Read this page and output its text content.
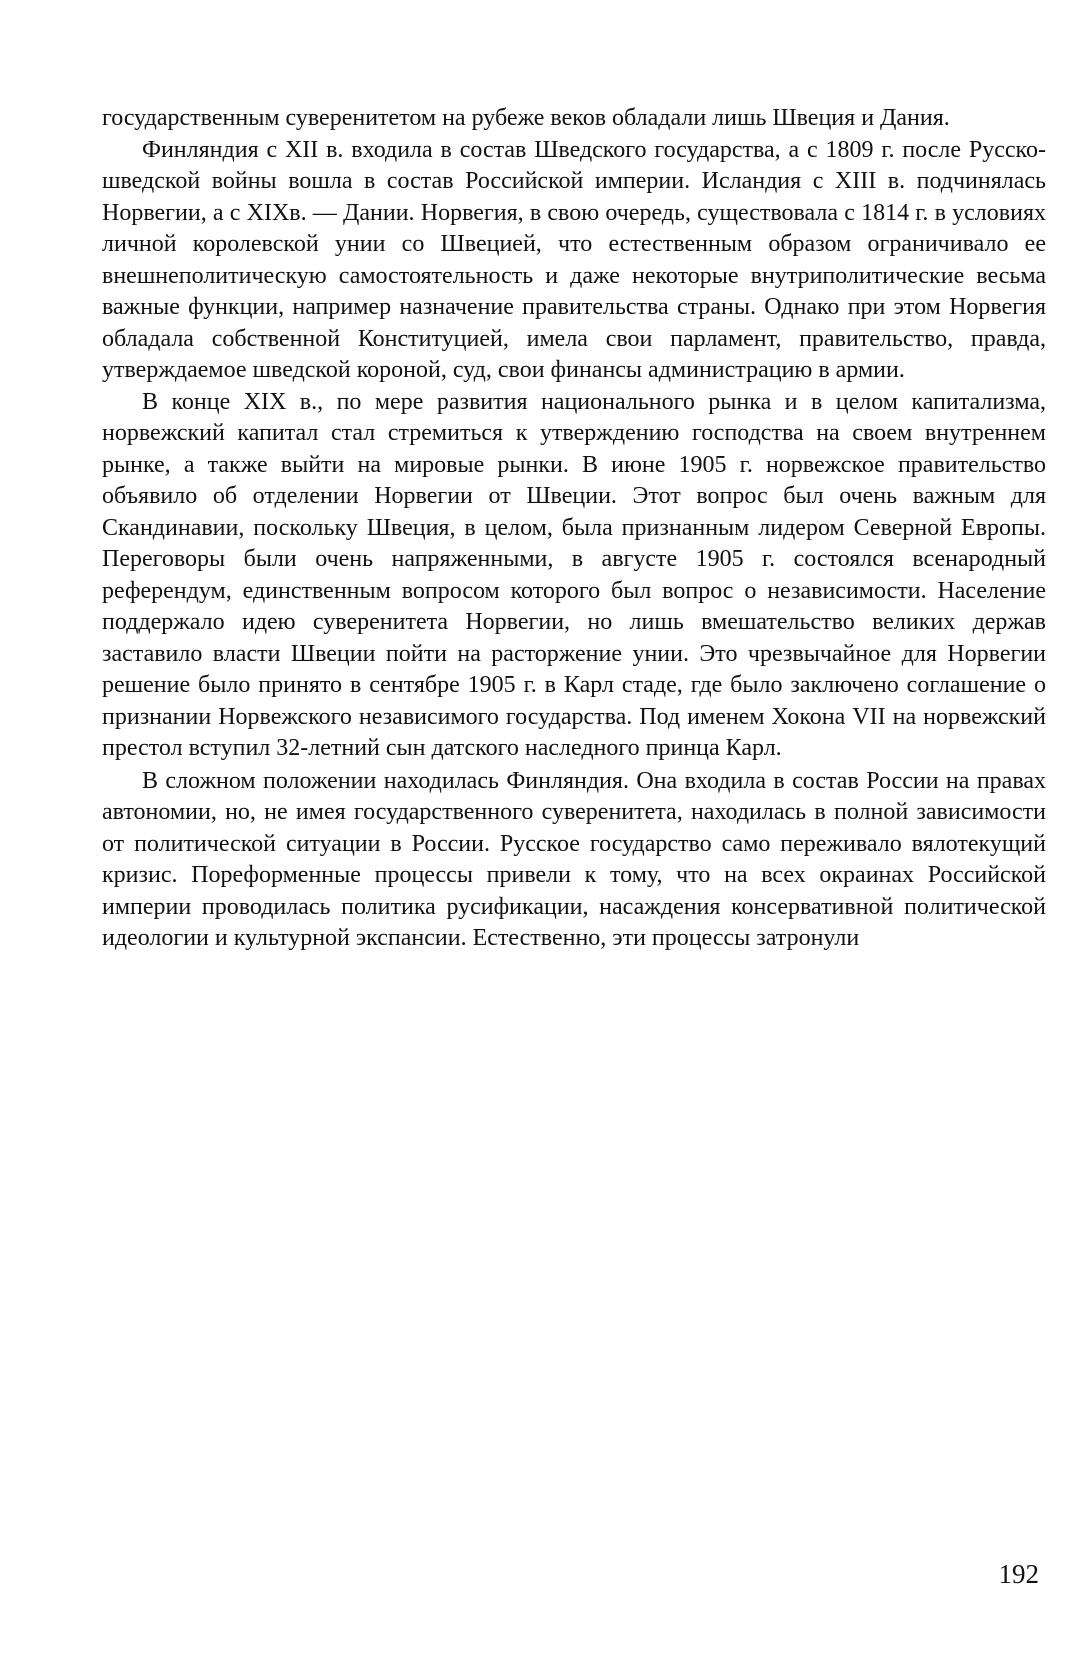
государственным суверенитетом на рубеже веков обладали лишь Швеция и Дания.

Финляндия с XII в. входила в состав Шведского государства, а с 1809 г. после Русско-шведской войны вошла в состав Российской империи. Исландия с XIII в. подчинялась Норвегии, а с XIXв. — Дании. Норвегия, в свою очередь, существовала с 1814 г. в условиях личной королевской унии со Швецией, что естественным образом ограничивало ее внешнеполитическую самостоятельность и даже некоторые внутриполитические весьма важные функции, например назначение правительства страны. Однако при этом Норвегия обладала собственной Конституцией, имела свои парламент, правительство, правда, утверждаемое шведской короной, суд, свои финансы администрацию в армии.

В конце XIX в., по мере развития национального рынка и в целом капитализма, норвежский капитал стал стремиться к утверждению господства на своем внутреннем рынке, а также выйти на мировые рынки. В июне 1905 г. норвежское правительство объявило об отделении Норвегии от Швеции. Этот вопрос был очень важным для Скандинавии, поскольку Швеция, в целом, была признанным лидером Северной Европы. Переговоры были очень напряженными, в августе 1905 г. состоялся всенародный референдум, единственным вопросом которого был вопрос о независимости. Население поддержало идею суверенитета Норвегии, но лишь вмешательство великих держав заставило власти Швеции пойти на расторжение унии. Это чрезвычайное для Норвегии решение было принято в сентябре 1905 г. в Карл стаде, где было заключено соглашение о признании Норвежского независимого государства. Под именем Хокона VII на норвежский престол вступил 32-летний сын датского наследного принца Карл.

В сложном положении находилась Финляндия. Она входила в состав России на правах автономии, но, не имея государственного суверенитета, находилась в полной зависимости от политической ситуации в России. Русское государство само переживало вялотекущий кризис. Пореформенные процессы привели к тому, что на всех окраинах Российской империи проводилась политика русификации, насаждения консервативной политической идеологии и культурной экспансии. Естественно, эти процессы затронули

192
